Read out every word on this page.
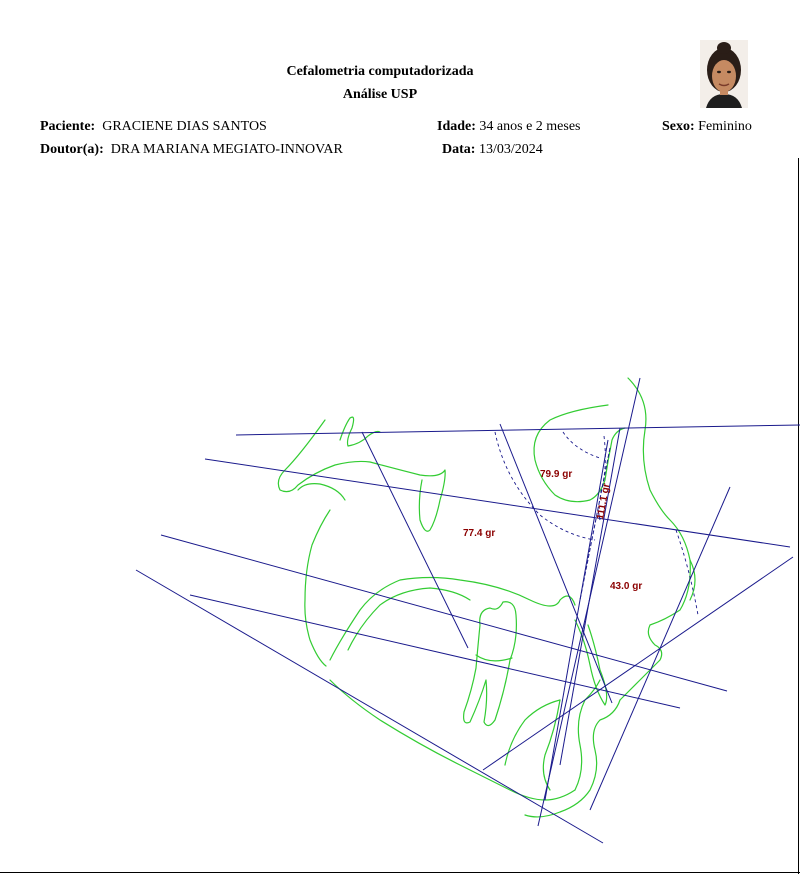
Cefalometria computadorizada
Análise USP
Paciente: GRACIENE DIAS SANTOS	Idade: 34 anos e 2 meses	Sexo: Feminino
Doutor(a): DRA MARIANA MEGIATO-INNOVAR	Data: 13/03/2024
79.9 gr
77.4 gr
43.0 gr
111.1 gr
